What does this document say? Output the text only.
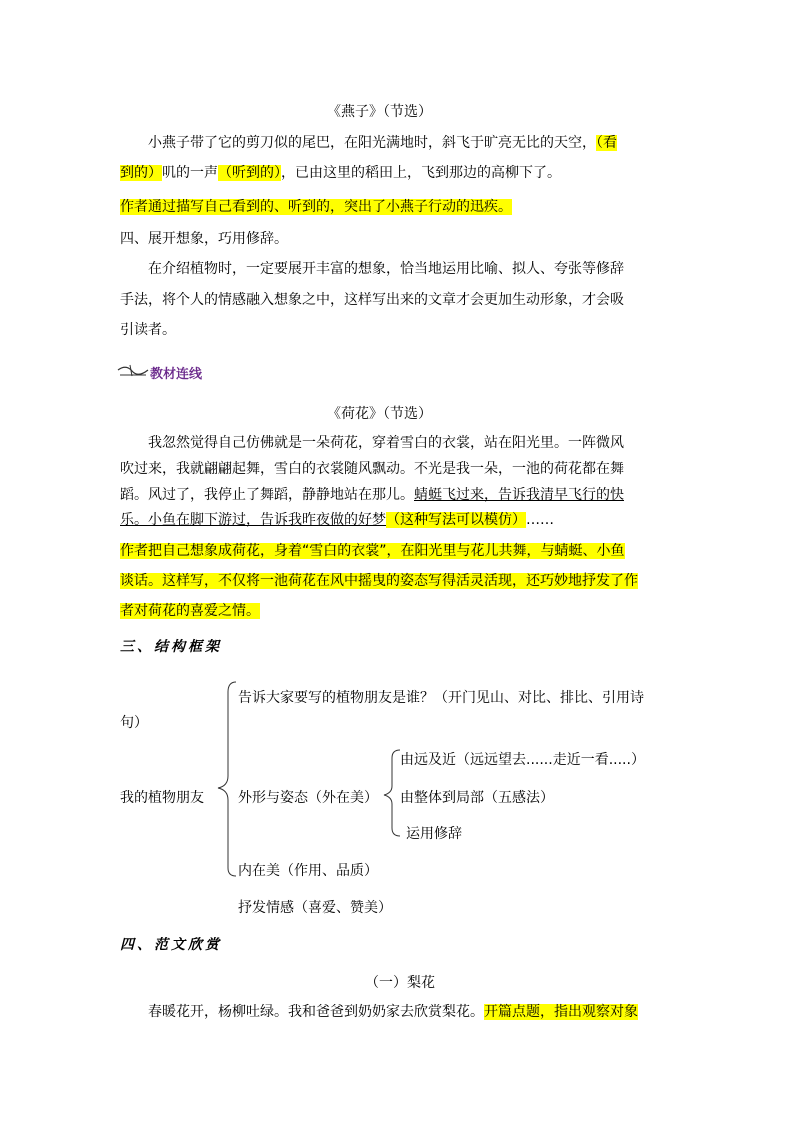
《燕子》（节选）
小燕子带了它的剪刀似的尾巴，在阳光满地时，斜飞于旷亮无比的天空，（看
到的）叽的一声（听到的），已由这里的稻田上，飞到那边的高柳下了。
作者通过描写自己看到的、听到的，突出了小燕子行动的迅疾。
四、展开想象，巧用修辞。
在介绍植物时，一定要展开丰富的想象，恰当地运用比喻、拟人、夸张等修辞
手法，将个人的情感融入想象之中，这样写出来的文章才会更加生动形象，才会吸
引读者。
教材连线
《荷花》（节选）
我忽然觉得自己仿佛就是一朵荷花，穿着雪白的衣裳，站在阳光里。一阵微风
吹过来，我就翩翩起舞，雪白的衣裳随风飘动。不光是我一朵，一池的荷花都在舞
蹈。风过了，我停止了舞蹈，静静地站在那儿。蜻蜓飞过来，告诉我清早飞行的快
乐。小鱼在脚下游过，告诉我昨夜做的好梦（这种写法可以模仿）……
作者把自己想象成荷花，身着“雪白的衣裳”，在阳光里与花儿共舞，与蜻蜓、小鱼
谈话。这样写，不仅将一池荷花在风中摇曳的姿态写得活灵活现，还巧妙地抒发了作
者对荷花的喜爱之情。
三、结构框架
我的植物朋友
告诉大家要写的植物朋友是谁？（开门见山、对比、排比、引用诗
句）
外形与姿态（外在美）
由远及近（远远望去......走近一看.....）
由整体到局部（五感法）
运用修辞
内在美（作用、品质）
抒发情感（喜爱、赞美）
四、范文欣赏
（一）梨花
春暖花开，杨柳吐绿。我和爸爸到奶奶家去欣赏梨花。开篇点题，指出观察对象
